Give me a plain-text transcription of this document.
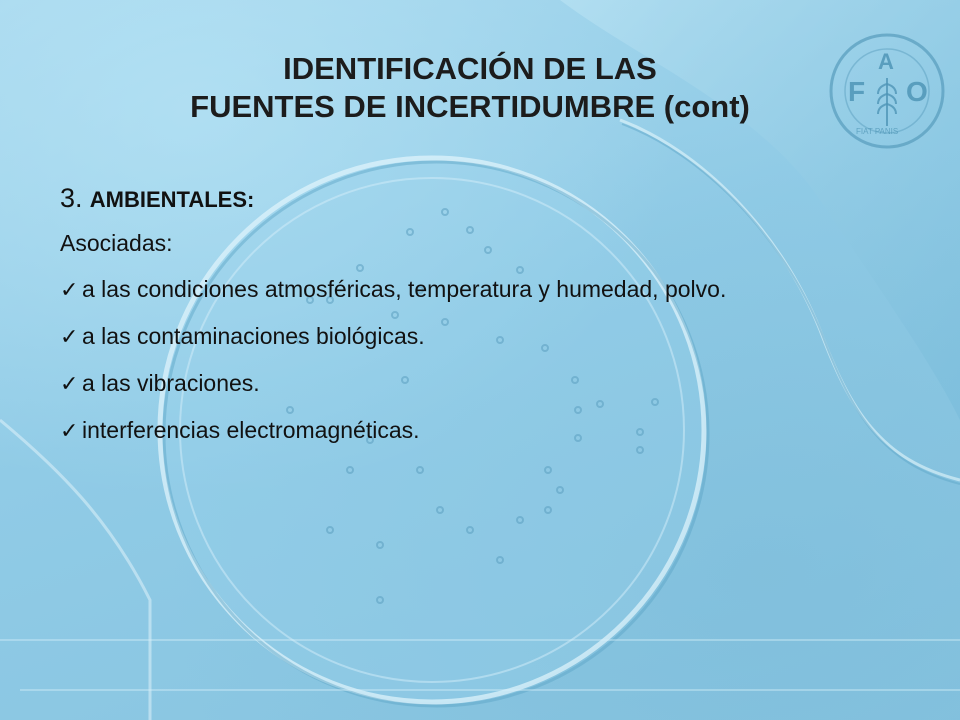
IDENTIFICACIÓN DE LAS
FUENTES DE INCERTIDUMBRE (cont)	F
A
O
FIAT PANIS

3. AMBIENTALES:

Asociadas:

✓ a las condiciones atmosféricas, temperatura y humedad, polvo.
✓ a las contaminaciones biológicas.
✓ a las vibraciones.
✓ interferencias electromagnéticas.
